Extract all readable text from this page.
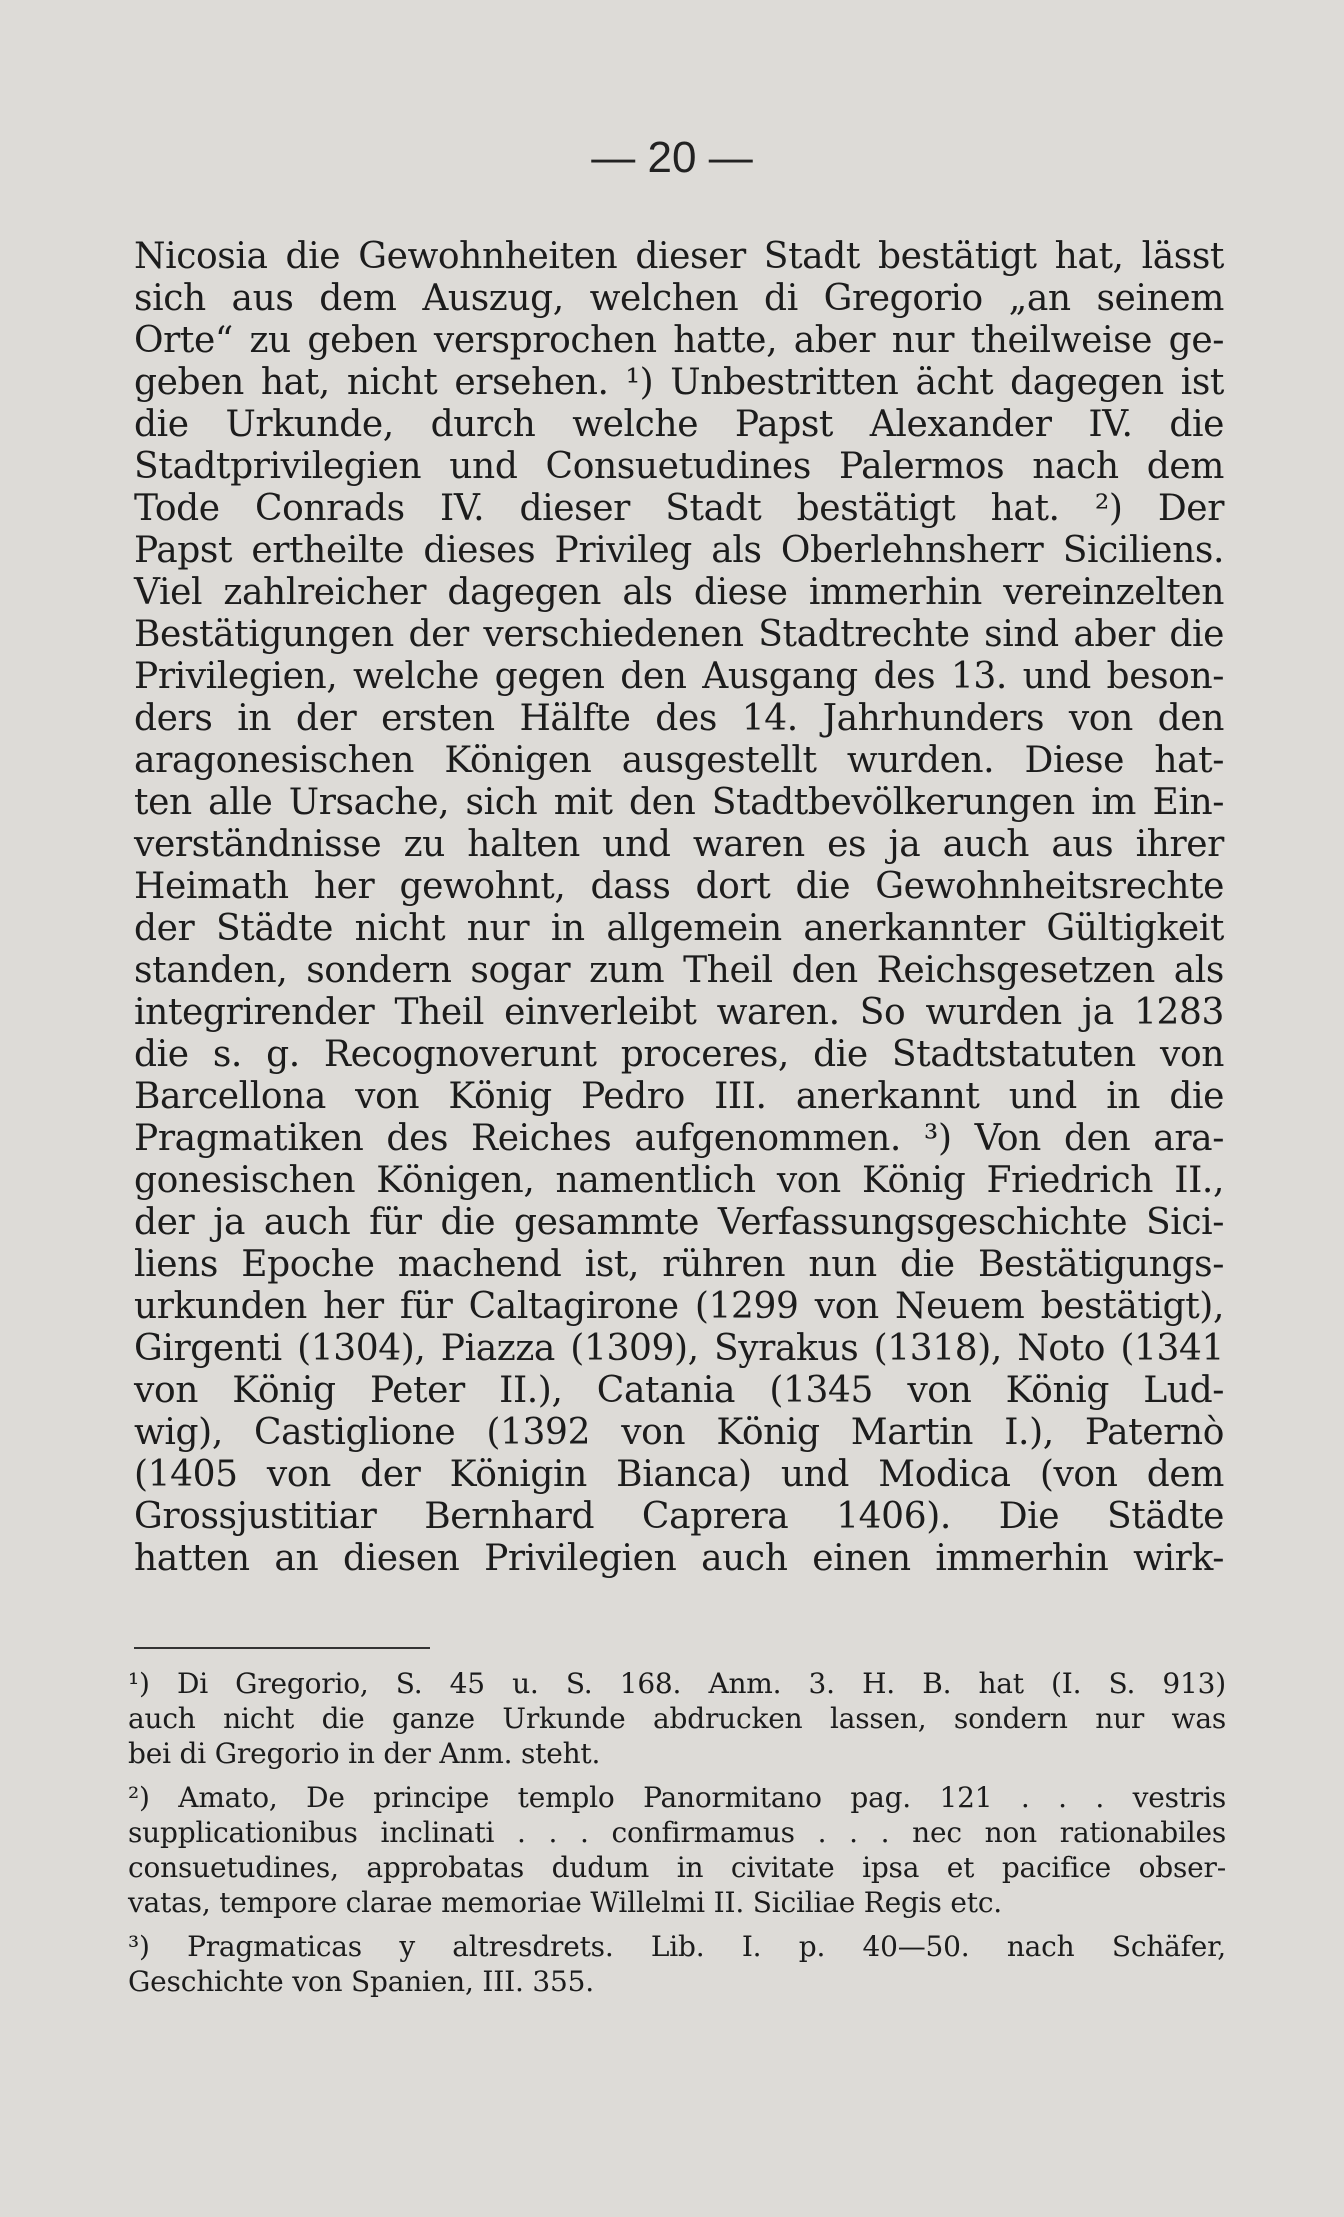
— 20 —
Nicosia die Gewohnheiten dieser Stadt bestätigt hat, lässt
sich aus dem Auszug, welchen di Gregorio „an seinem
Orte“ zu geben versprochen hatte, aber nur theilweise ge-
geben hat, nicht ersehen. ¹) Unbestritten ächt dagegen ist
die Urkunde, durch welche Papst Alexander IV. die
Stadtprivilegien und Consuetudines Palermos nach dem
Tode Conrads IV. dieser Stadt bestätigt hat. ²) Der
Papst ertheilte dieses Privileg als Oberlehnsherr Siciliens.
Viel zahlreicher dagegen als diese immerhin vereinzelten
Bestätigungen der verschiedenen Stadtrechte sind aber die
Privilegien, welche gegen den Ausgang des 13. und beson-
ders in der ersten Hälfte des 14. Jahrhunders von den
aragonesischen Königen ausgestellt wurden. Diese hat-
ten alle Ursache, sich mit den Stadtbevölkerungen im Ein-
verständnisse zu halten und waren es ja auch aus ihrer
Heimath her gewohnt, dass dort die Gewohnheitsrechte
der Städte nicht nur in allgemein anerkannter Gültigkeit
standen, sondern sogar zum Theil den Reichsgesetzen als
integrirender Theil einverleibt waren. So wurden ja 1283
die s. g. Recognoverunt proceres, die Stadtstatuten von
Barcellona von König Pedro III. anerkannt und in die
Pragmatiken des Reiches aufgenommen. ³) Von den ara-
gonesischen Königen, namentlich von König Friedrich II.,
der ja auch für die gesammte Verfassungsgeschichte Sici-
liens Epoche machend ist, rühren nun die Bestätigungs-
urkunden her für Caltagirone (1299 von Neuem bestätigt),
Girgenti (1304), Piazza (1309), Syrakus (1318), Noto (1341
von König Peter II.), Catania (1345 von König Lud-
wig), Castiglione (1392 von König Martin I.), Paternò
(1405 von der Königin Bianca) und Modica (von dem
Grossjustitiar Bernhard Caprera 1406). Die Städte
hatten an diesen Privilegien auch einen immerhin wirk-
¹) Di Gregorio, S. 45 u. S. 168. Anm. 3. H. B. hat (I. S. 913)
auch nicht die ganze Urkunde abdrucken lassen, sondern nur was
bei di Gregorio in der Anm. steht.
²) Amato, De principe templo Panormitano pag. 121 . . . vestris
supplicationibus inclinati . . . confirmamus . . . nec non rationabiles
consuetudines, approbatas dudum in civitate ipsa et pacifice obser-
vatas, tempore clarae memoriae Willelmi II. Siciliae Regis etc.
³) Pragmaticas y altresdrets. Lib. I. p. 40—50. nach Schäfer,
Geschichte von Spanien, III. 355.
